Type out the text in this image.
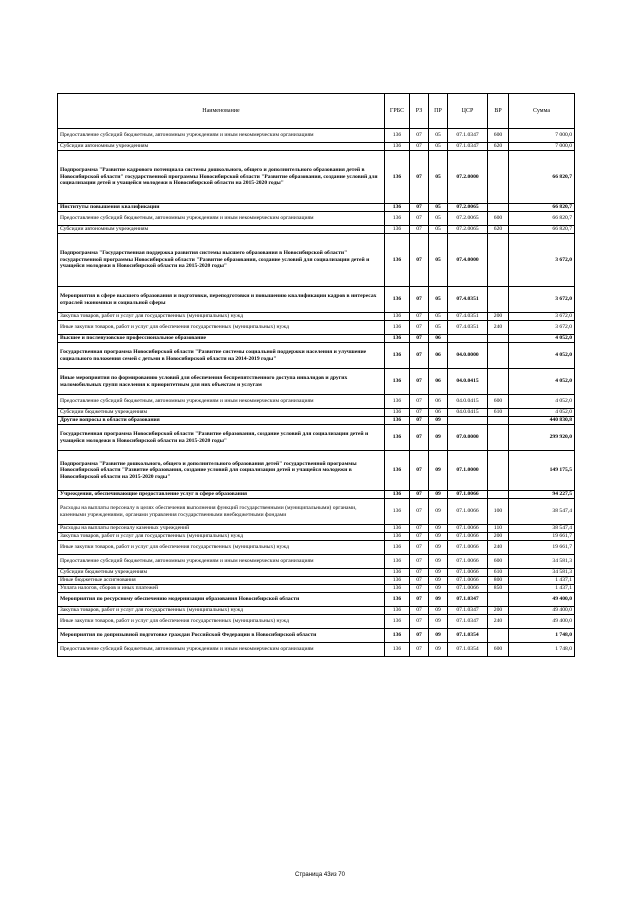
Наименование	ГРБС	РЗ	ПР	ЦСР	ВР	Сумма
Предоставление субсидий бюджетным, автономным учреждениям и иным некоммерческим организациям	136	07	05	07.1.0347	600	7 000,0
Субсидии автономным учреждениям	136	07	05	07.1.0347	620	7 000,0
Подпрограмма "Развитие кадрового потенциала системы дошкольного, общего и дополнительного образования детей в Новосибирской области" государственной программы Новосибирской области "Развитие образования, создание условий для социализации детей и учащейся молодежи в Новосибирской области на 2015-2020 годы"	136	07	05	07.2.0000		66 820,7
Институты повышения квалификации	136	07	05	07.2.0065		66 820,7
Предоставление субсидий бюджетным, автономным учреждениям и иным некоммерческим организациям	136	07	05	07.2.0065	600	66 820,7
Субсидии автономным учреждениям	136	07	05	07.2.0065	620	66 820,7
Подпрограмма "Государственная поддержка развития системы высшего образования в Новосибирской области" государственной программы Новосибирской области "Развитие образования, создание условий для социализации детей и учащейся молодежи в Новосибирской области на 2015-2020 годы"	136	07	05	07.4.0000		3 672,0
Мероприятия в сфере высшего образования и подготовки, переподготовки и повышению квалификации кадров в интересах отраслей экономики и социальной сферы	136	07	05	07.4.0351		3 672,0
Закупка товаров, работ и услуг для государственных (муниципальных) нужд	136	07	05	07.4.0351	200	3 672,0
Иные закупки товаров, работ и услуг для обеспечения государственных (муниципальных) нужд	136	07	05	07.4.0351	240	3 672,0
Высшее и послевузовское профессиональное образование	136	07	06			4 052,0
Государственная программа Новосибирской области "Развитие системы социальной поддержки населения и улучшение социального положения семей с детьми в Новосибирской области на 2014-2019 годы"	136	07	06	04.0.0000		4 052,0
Иные мероприятия по формированию условий для обеспечения беспрепятственного доступа инвалидов и других маломобильных групп населения к приоритетным для них объектам и услугам	136	07	06	04.0.0415		4 052,0
Предоставление субсидий бюджетным, автономным учреждениям и иным некоммерческим организациям	136	07	06	04.0.0415	600	4 052,0
Субсидии бюджетным учреждениям	136	07	06	04.0.0415	610	4 052,0
Другие вопросы в области образования	136	07	09			440 830,8
Государственная программа Новосибирской области "Развитие образования, создание условий для социализации детей и учащейся молодежи в Новосибирской области на 2015-2020 годы"	136	07	09	07.0.0000		299 920,0
Подпрограмма "Развитие дошкольного, общего и дополнительного образования детей" государственной программы Новосибирской области "Развитие образования, создание условий для социализации детей и учащейся молодежи в Новосибирской области на 2015-2020 годы"	136	07	09	07.1.0000		149 175,5
Учреждения, обеспечивающие предоставление услуг в сфере образования	136	07	09	07.1.0066		94 227,5
Расходы на выплаты персоналу в целях обеспечения выполнения функций государственными (муниципальными) органами, казенными учреждениями, органами управления государственными внебюджетными фондами	136	07	09	07.1.0066	100	38 547,4
Расходы на выплаты персоналу казенных учреждений	136	07	09	07.1.0066	110	38 547,4
Закупка товаров, работ и услуг для государственных (муниципальных) нужд	136	07	09	07.1.0066	200	19 661,7
Иные закупки товаров, работ и услуг для обеспечения государственных (муниципальных) нужд	136	07	09	07.1.0066	240	19 661,7
Предоставление субсидий бюджетным, автономным учреждениям и иным некоммерческим организациям	136	07	09	07.1.0066	600	34 581,3
Субсидии бюджетным учреждениям	136	07	09	07.1.0066	610	34 581,3
Иные бюджетные ассигнования	136	07	09	07.1.0066	800	1 437,1
Уплата налогов, сборов и иных платежей	136	07	09	07.1.0066	850	1 437,1
Мероприятия по ресурсному обеспечению модернизации образования Новосибирской области	136	07	09	07.1.0347		49 400,0
Закупка товаров, работ и услуг для государственных (муниципальных) нужд	136	07	09	07.1.0347	200	49 400,0
Иные закупки товаров, работ и услуг для обеспечения государственных (муниципальных) нужд	136	07	09	07.1.0347	240	49 400,0
Мероприятия по допризывной подготовке граждан Российской Федерации в Новосибирской области	136	07	09	07.1.0354		1 748,0
Предоставление субсидий бюджетным, автономным учреждениям и иным некоммерческим организациям	136	07	09	07.1.0354	600	1 748,0
Страница 43из 70
